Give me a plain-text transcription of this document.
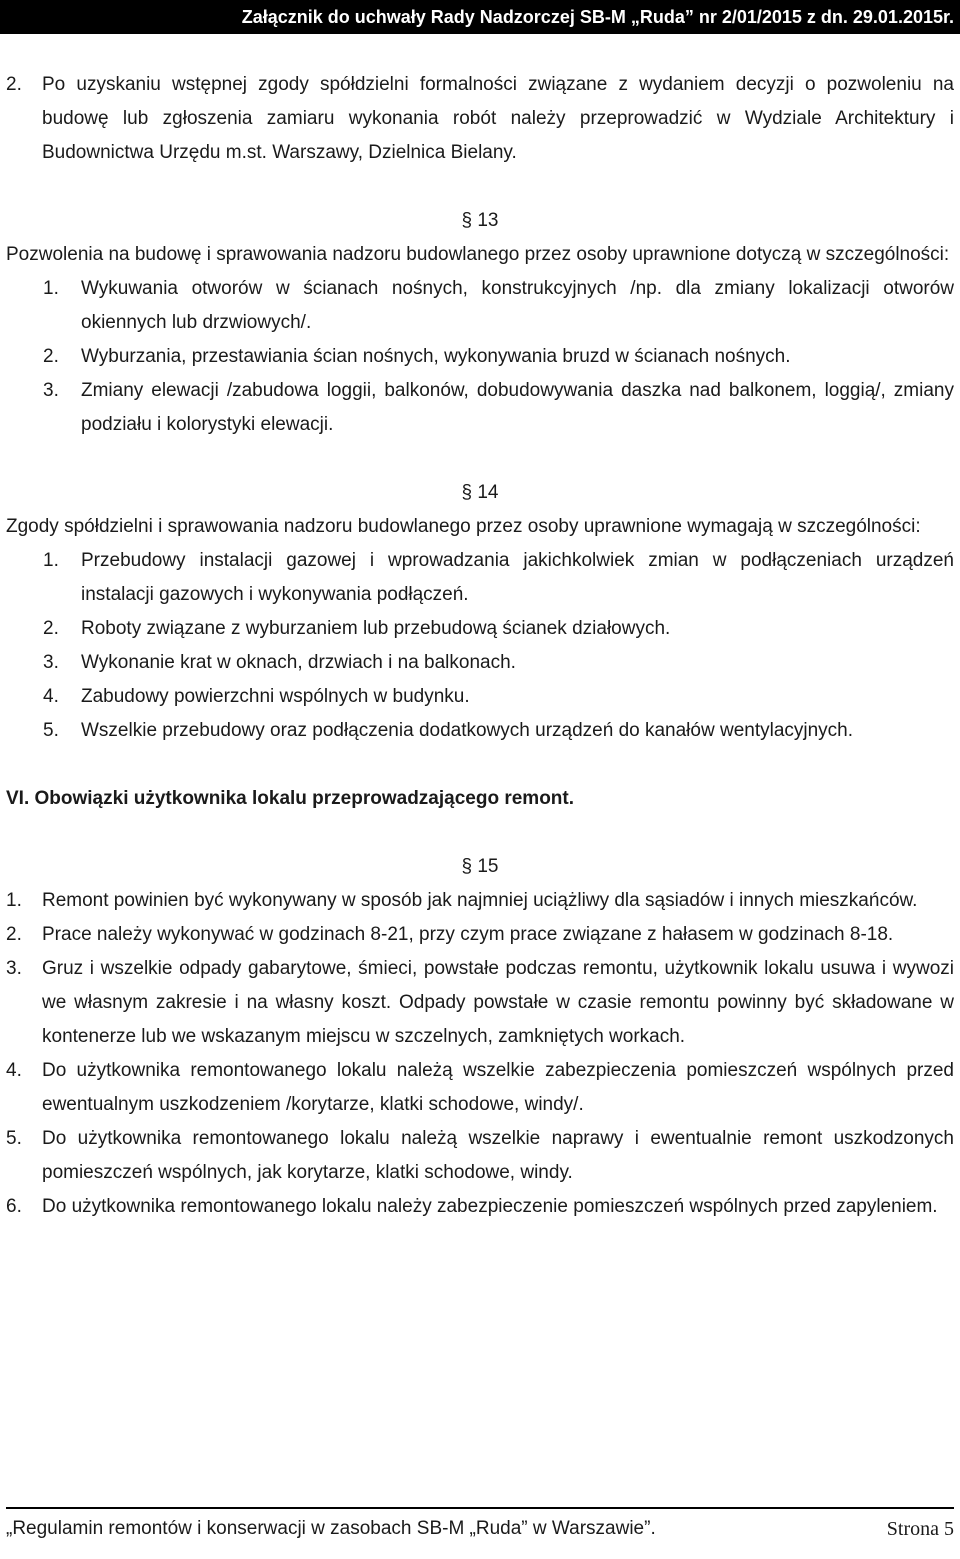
Załącznik do uchwały Rady Nadzorczej SB-M „Ruda” nr 2/01/2015 z dn. 29.01.2015r.
2. Po uzyskaniu wstępnej zgody spółdzielni formalności związane z wydaniem decyzji o pozwoleniu na budowę lub zgłoszenia zamiaru wykonania robót należy przeprowadzić w Wydziale Architektury i Budownictwa Urzędu m.st. Warszawy, Dzielnica Bielany.

§ 13

Pozwolenia na budowę i sprawowania nadzoru budowlanego przez osoby uprawnione dotyczą w szczególności:

1. Wykuwania otworów w ścianach nośnych, konstrukcyjnych /np. dla zmiany lokalizacji otworów okiennych lub drzwiowych/.
2. Wyburzania, przestawiania ścian nośnych, wykonywania bruzd w ścianach nośnych.
3. Zmiany elewacji /zabudowa loggii, balkonów, dobudowywania daszka nad balkonem, loggią/, zmiany podziału i kolorystyki elewacji.

§ 14

Zgody spółdzielni i sprawowania nadzoru budowlanego przez osoby uprawnione wymagają w szczególności:

1. Przebudowy instalacji gazowej i wprowadzania jakichkolwiek zmian w podłączeniach urządzeń instalacji gazowych i wykonywania podłączeń.
2. Roboty związane z wyburzaniem lub przebudową ścianek działowych.
3. Wykonanie krat w oknach, drzwiach i na balkonach.
4. Zabudowy powierzchni wspólnych w budynku.
5. Wszelkie przebudowy oraz podłączenia dodatkowych urządzeń do kanałów wentylacyjnych.

VI. Obowiązki użytkownika lokalu przeprowadzającego remont.

§ 15

1. Remont powinien być wykonywany w sposób jak najmniej uciążliwy dla sąsiadów i innych mieszkańców.
2. Prace należy wykonywać w godzinach 8-21, przy czym prace związane z hałasem w godzinach 8-18.
3. Gruz i wszelkie odpady gabarytowe, śmieci, powstałe podczas remontu, użytkownik lokalu usuwa i wywozi we własnym zakresie i na własny koszt. Odpady powstałe w czasie remontu powinny być składowane w kontenerze lub we wskazanym miejscu w szczelnych, zamkniętych workach.
4. Do użytkownika remontowanego lokalu należą wszelkie zabezpieczenia pomieszczeń wspólnych przed ewentualnym uszkodzeniem /korytarze, klatki schodowe, windy/.
5. Do użytkownika remontowanego lokalu należą wszelkie naprawy i ewentualnie remont uszkodzonych pomieszczeń wspólnych, jak korytarze, klatki schodowe, windy.
6. Do użytkownika remontowanego lokalu należy zabezpieczenie pomieszczeń wspólnych przed zapyleniem.
„Regulamin remontów i konserwacji w zasobach SB-M „Ruda” w Warszawie”.	Strona 5
